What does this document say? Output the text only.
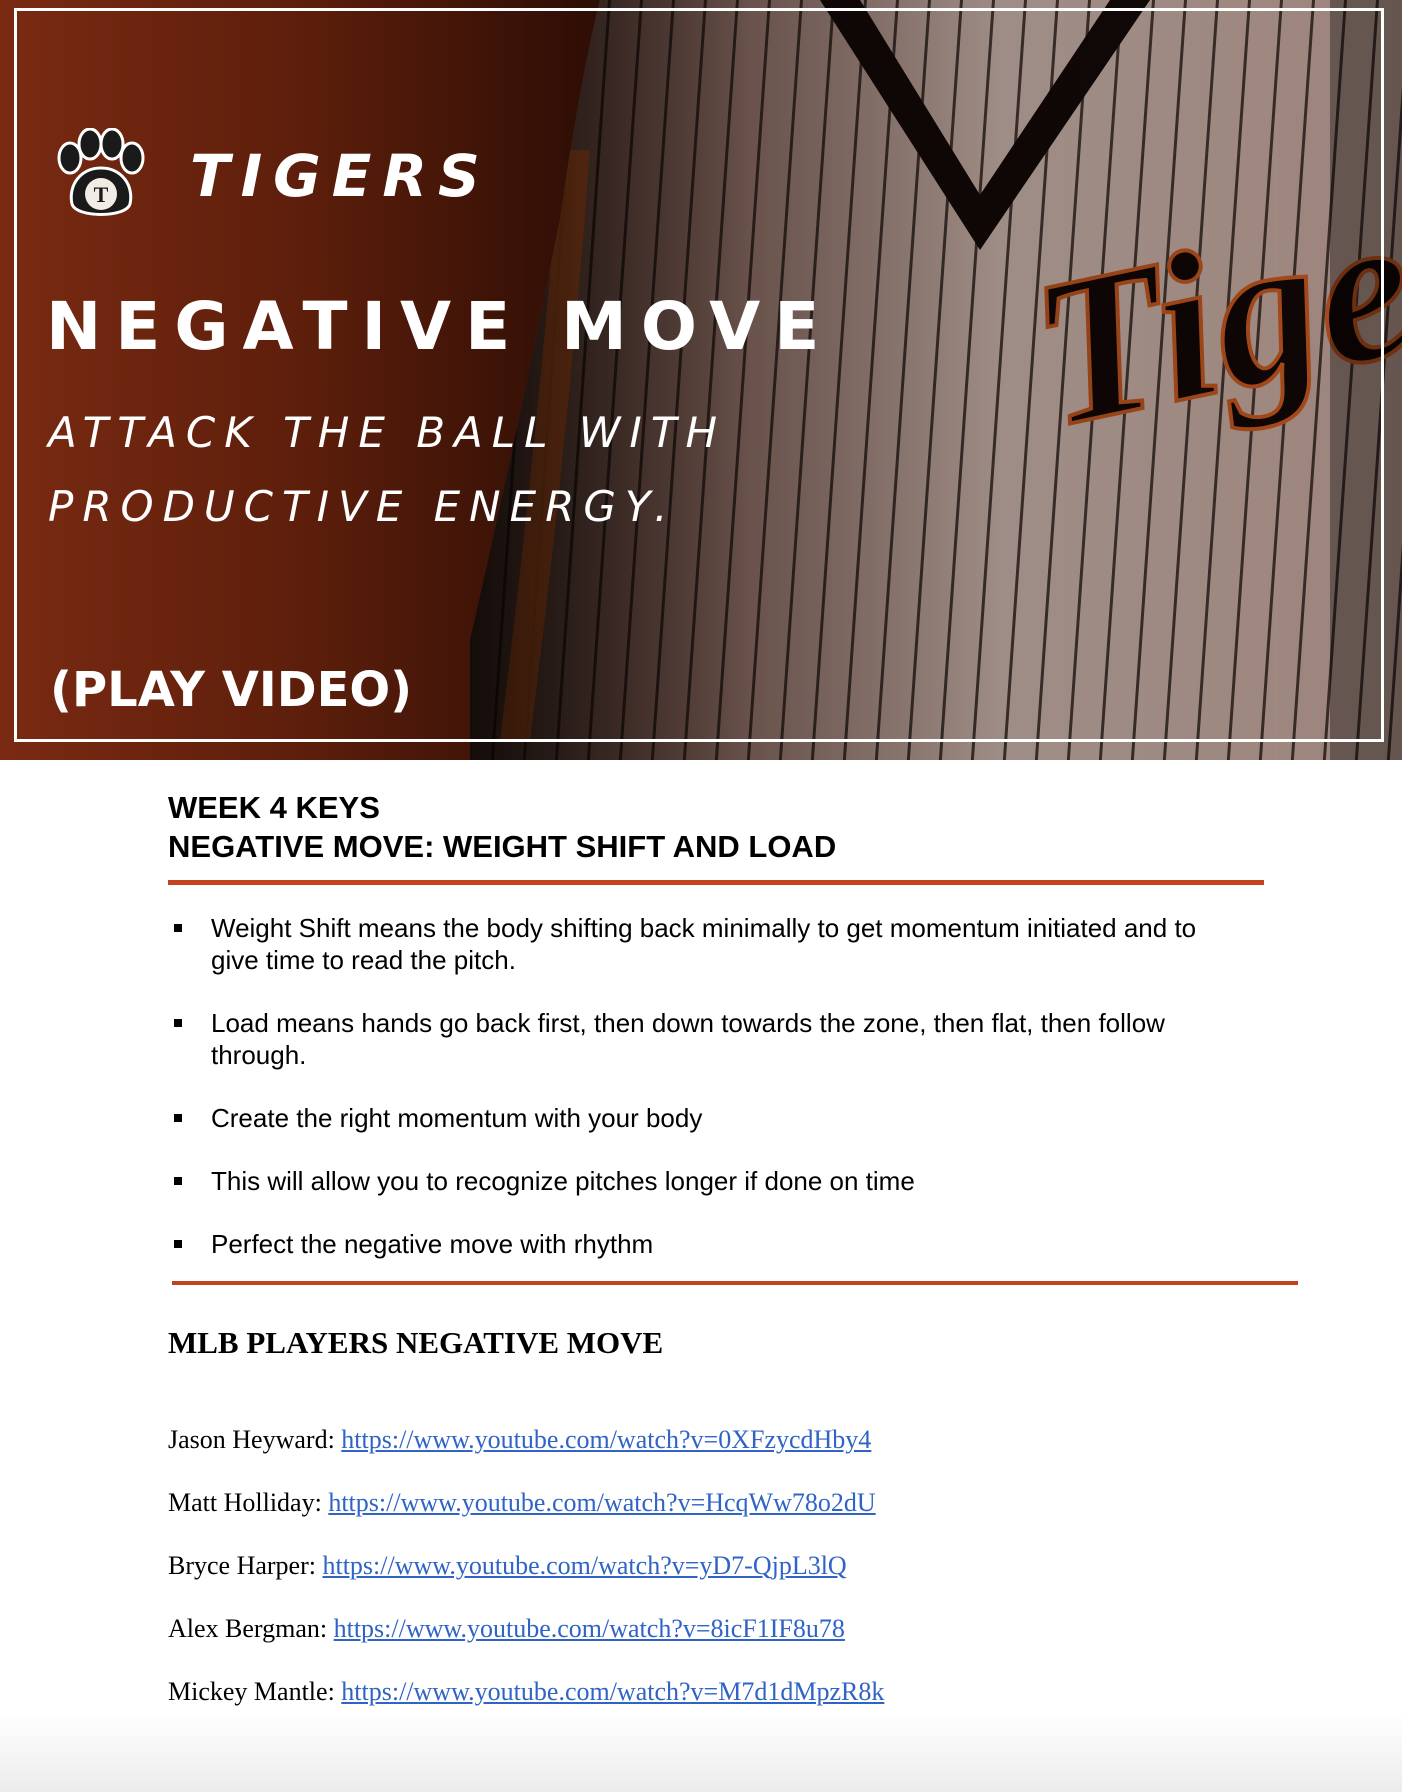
T TIGERS
NEGATIVE MOVE
ATTACK THE BALL WITH PRODUCTIVE ENERGY.
(PLAY VIDEO)
WEEK 4 KEYS
NEGATIVE MOVE: WEIGHT SHIFT AND LOAD
Weight Shift means the body shifting back minimally to get momentum initiated and to give time to read the pitch.
Load means hands go back first, then down towards the zone, then flat, then follow through.
Create the right momentum with your body
This will allow you to recognize pitches longer if done on time
Perfect the negative move with rhythm
MLB PLAYERS NEGATIVE MOVE
Jason Heyward: https://www.youtube.com/watch?v=0XFzycdHby4
Matt Holliday: https://www.youtube.com/watch?v=HcqWw78o2dU
Bryce Harper: https://www.youtube.com/watch?v=yD7-QjpL3lQ
Alex Bergman: https://www.youtube.com/watch?v=8icF1IF8u78
Mickey Mantle: https://www.youtube.com/watch?v=M7d1dMpzR8k
